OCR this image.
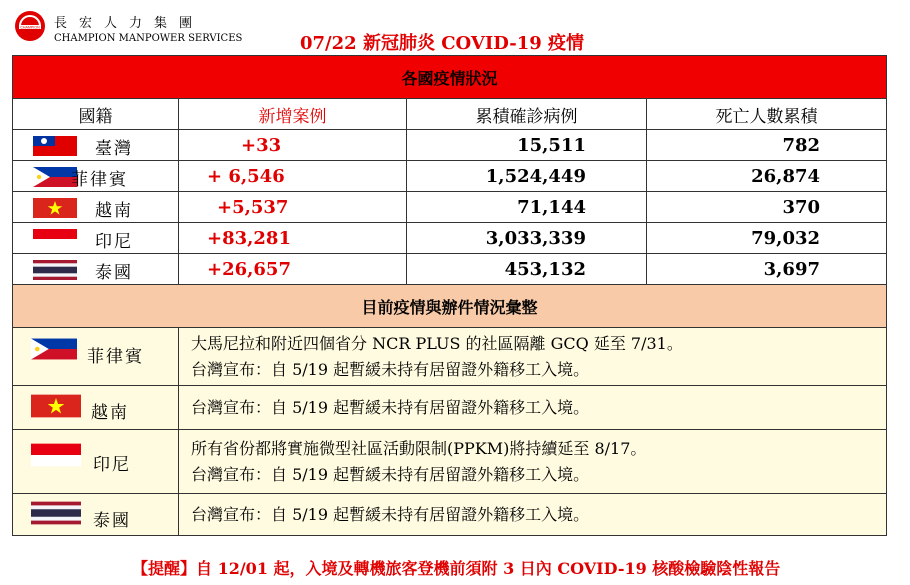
CHAMPION 長宏人力集團
CHAMPION MANPOWER SERVICES	07/22 新冠肺炎 COVID-19 疫情
各國疫情狀況			
國籍	新增案例	累積確診病例	死亡人數累積

臺灣	+33	15,511	782

菲律賓	+ 6,546	1,524,449	26,874

越南	+5,537	71,144	370

印尼	+83,281	3,033,339	79,032

泰國	+26,657	453,132	3,697
目前疫情與辦件情況彙整			

菲律賓	大馬尼拉和附近四個省分 NCR PLUS 的社區隔離 GCQ 延至 7/31。
台灣宣布：自 5/19 起暫緩未持有居留證外籍移工入境。		

越南	台灣宣布：自 5/19 起暫緩未持有居留證外籍移工入境。		

印尼	所有省份都將實施微型社區活動限制(PPKM)將持續延至 8/17。
台灣宣布：自 5/19 起暫緩未持有居留證外籍移工入境。		

泰國	台灣宣布：自 5/19 起暫緩未持有居留證外籍移工入境。		
【提醒】自 12/01 起，入境及轉機旅客登機前須附 3 日內 COVID-19 核酸檢驗陰性報告
